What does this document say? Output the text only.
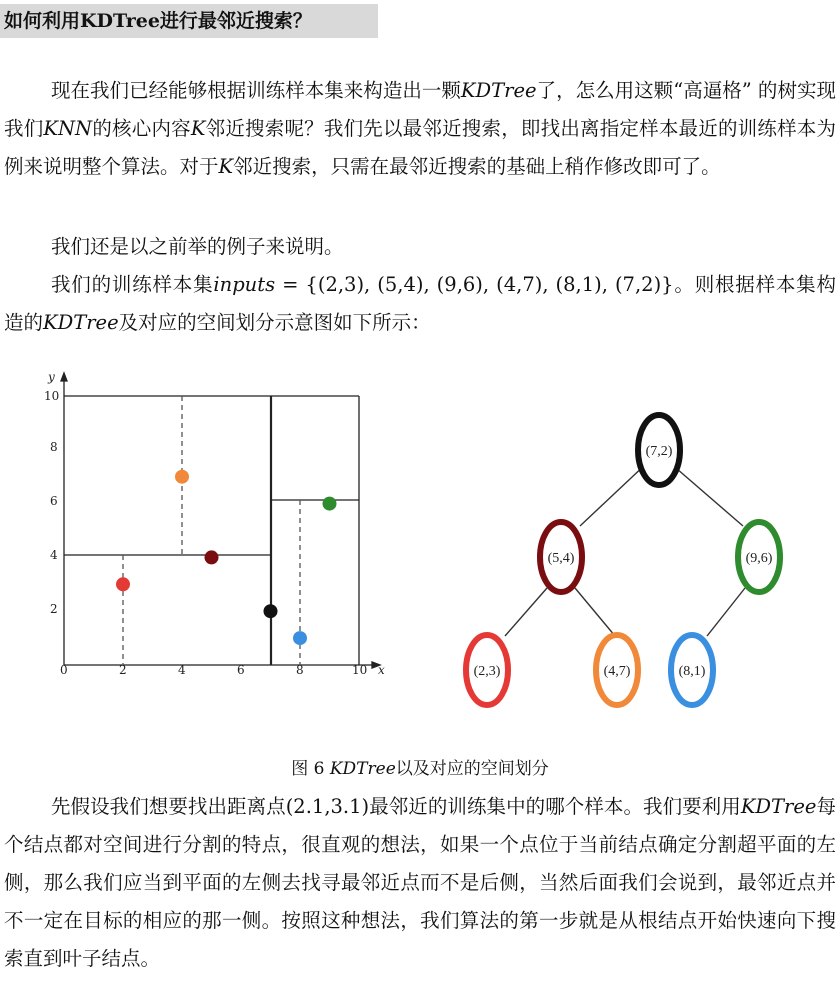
如何利用KDTree进行最邻近搜索？

现在我们已经能够根据训练样本集来构造出一颗KDTree了，怎么用这颗“高逼格” 的树实现我们KNN的核心内容K邻近搜索呢？我们先以最邻近搜索，即找出离指定样本最近的训练样本为例来说明整个算法。对于K邻近搜索，只需在最邻近搜索的基础上稍作修改即可了。

我们还是以之前举的例子来说明。

我们的训练样本集inputs = {(2,3), (5,4), (9,6), (4,7), (8,1), (7,2)}。则根据样本集构造的KDTree及对应的空间划分示意图如下所示：

y
x
0	2	4	6	8	10
2
4
6
8
10
(7,2)
(5,4)	(9,6)
(2,3)	(4,7)	(8,1)
图 6 KDTree以及对应的空间划分

先假设我们想要找出距离点(2.1,3.1)最邻近的训练集中的哪个样本。我们要利用KDTree每个结点都对空间进行分割的特点，很直观的想法，如果一个点位于当前结点确定分割超平面的左侧，那么我们应当到平面的左侧去找寻最邻近点而不是后侧，当然后面我们会说到，最邻近点并不一定在目标的相应的那一侧。按照这种想法，我们算法的第一步就是从根结点开始快速向下搜索直到叶子结点。
